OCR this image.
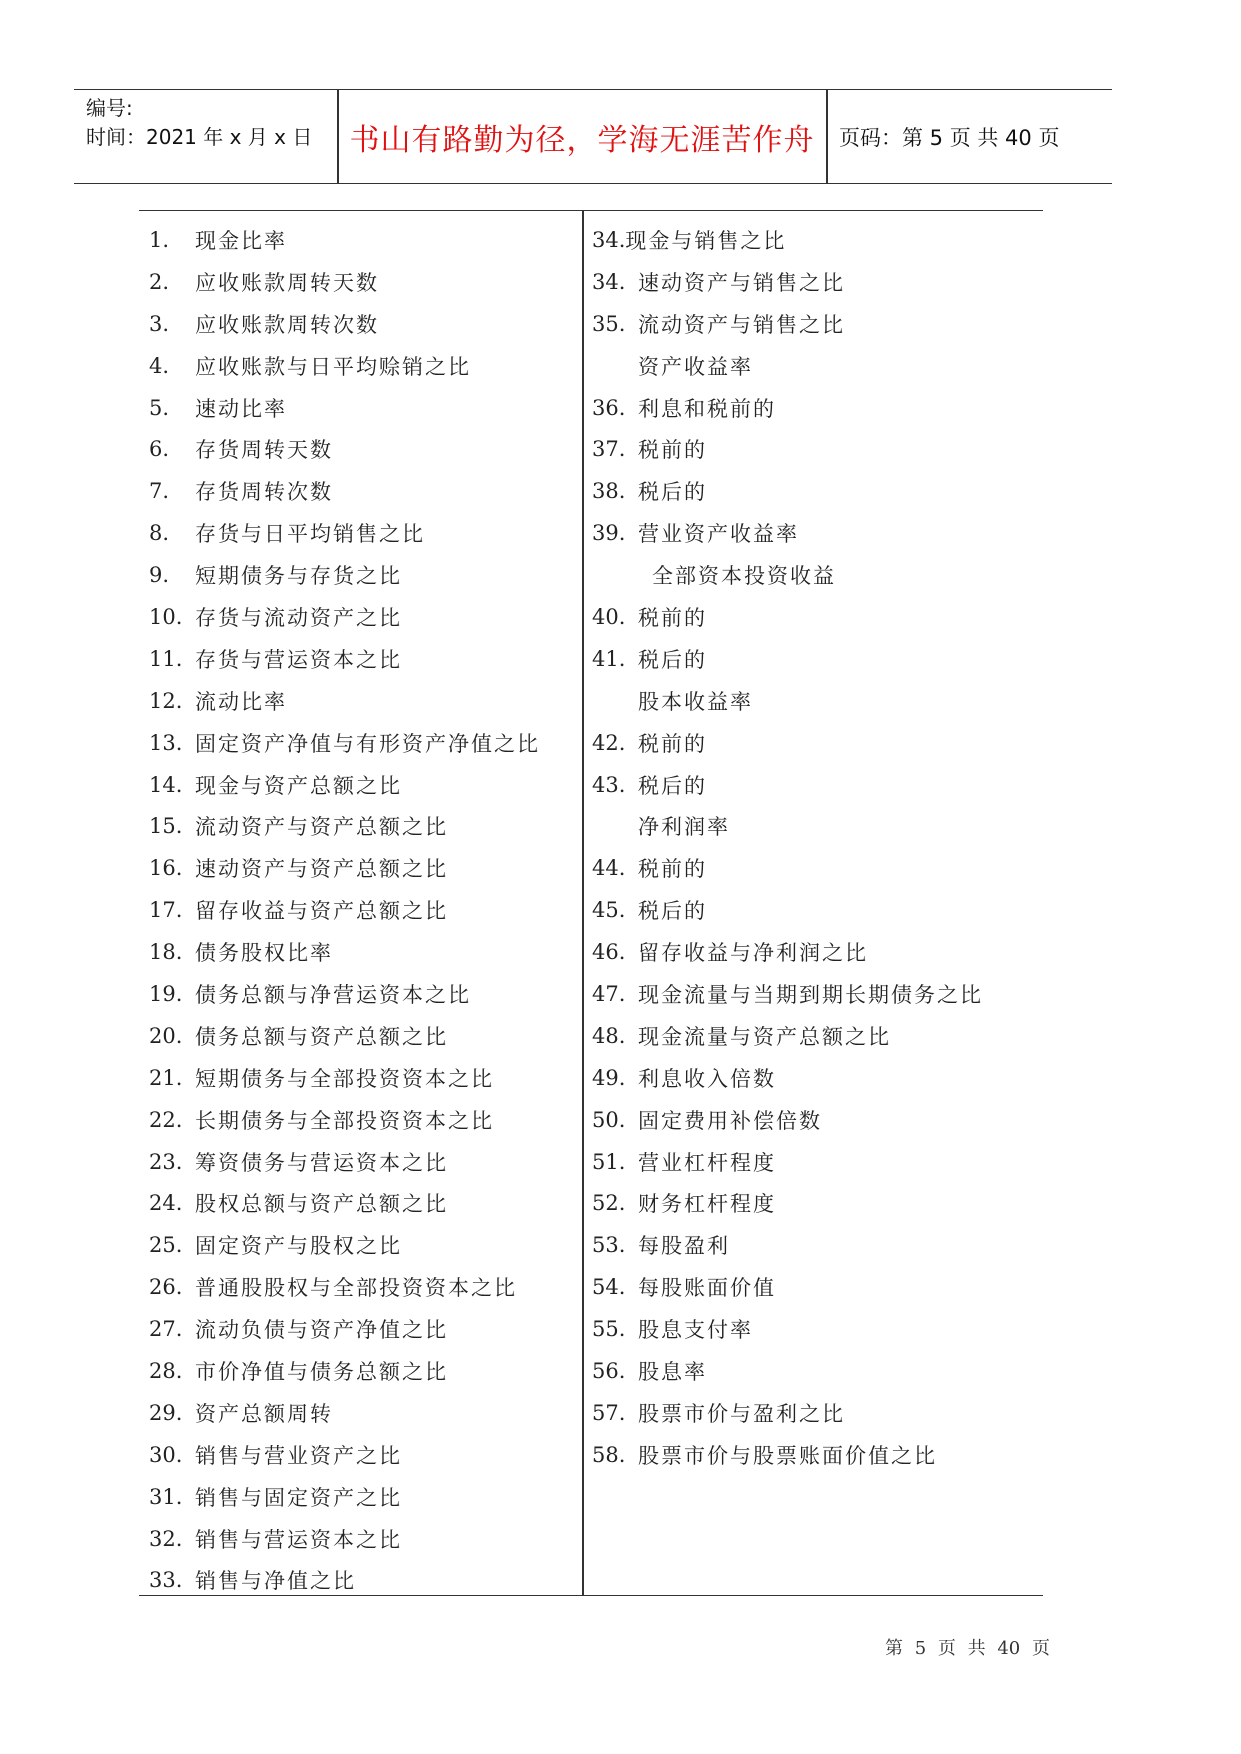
编号:
时间：2021 年 x 月 x 日	书山有路勤为径，学海无涯苦作舟	页码：第 5 页 共 40 页
1.	现金比率
2.	应收账款周转天数
3.	应收账款周转次数
4.	应收账款与日平均赊销之比
5.	速动比率
6.	存货周转天数
7.	存货周转次数
8.	存货与日平均销售之比
9.	短期债务与存货之比
10. 存货与流动资产之比
11. 存货与营运资本之比
12. 流动比率
13. 固定资产净值与有形资产净值之比
14. 现金与资产总额之比
15. 流动资产与资产总额之比
16. 速动资产与资产总额之比
17. 留存收益与资产总额之比
18. 债务股权比率
19. 债务总额与净营运资本之比
20. 债务总额与资产总额之比
21. 短期债务与全部投资资本之比
22. 长期债务与全部投资资本之比
23. 筹资债务与营运资本之比
24. 股权总额与资产总额之比
25. 固定资产与股权之比
26. 普通股股权与全部投资资本之比
27. 流动负债与资产净值之比
28. 市价净值与债务总额之比
29. 资产总额周转
30. 销售与营业资产之比
31. 销售与固定资产之比
32. 销售与营运资本之比
33. 销售与净值之比
34. 现金与销售之比
34. 速动资产与销售之比
35. 流动资产与销售之比
资产收益率
36. 利息和税前的
37. 税前的
38. 税后的
39. 营业资产收益率
全部资本投资收益
40. 税前的
41. 税后的
股本收益率
42. 税前的
43. 税后的
净利润率
44. 税前的
45. 税后的
46. 留存收益与净利润之比
47. 现金流量与当期到期长期债务之比
48. 现金流量与资产总额之比
49. 利息收入倍数
50. 固定费用补偿倍数
51. 营业杠杆程度
52. 财务杠杆程度
53. 每股盈利
54. 每股账面价值
55. 股息支付率
56. 股息率
57. 股票市价与盈利之比
58. 股票市价与股票账面价值之比
第 5 页 共 40 页
